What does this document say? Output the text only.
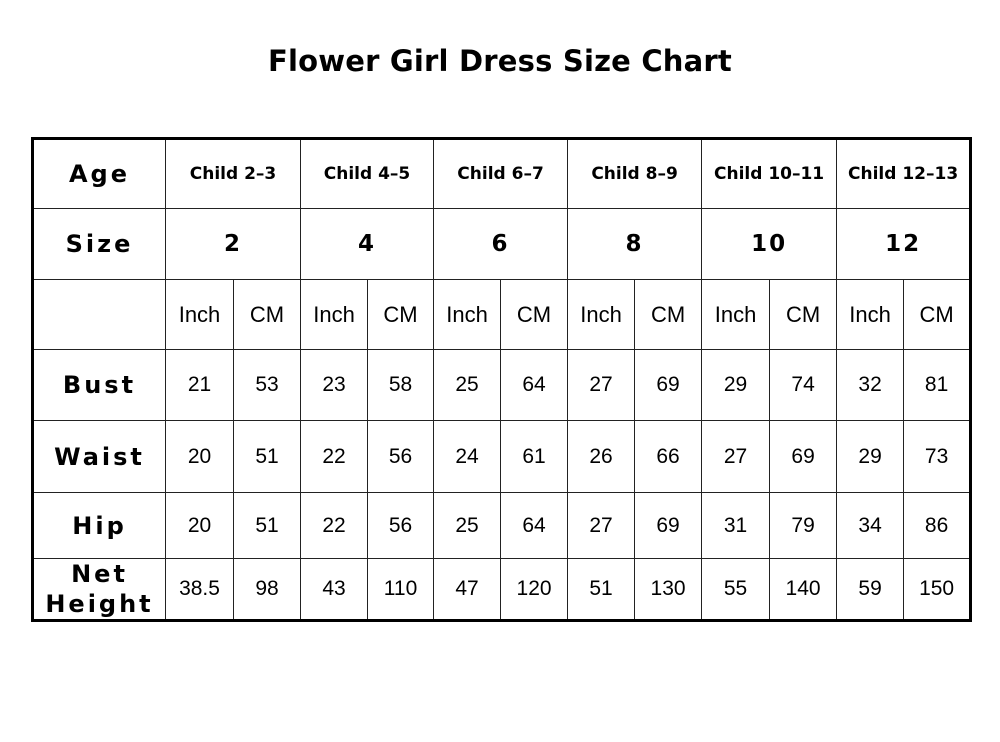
Flower Girl Dress Size Chart
Age	Child 2–3		Child 4–5		Child 6–7		Child 8–9		Child 10–11		Child 12–13	
Size	2		4		6		8		10		12	
	Inch	CM	Inch	CM	Inch	CM	Inch	CM	Inch	CM	Inch	CM
Bust	21	53	23	58	25	64	27	69	29	74	32	81
Waist	20	51	22	56	24	61	26	66	27	69	29	73
Hip	20	51	22	56	25	64	27	69	31	79	34	86

Net
Height	38.5	98	43	110	47	120	51	130	55	140	59	150
